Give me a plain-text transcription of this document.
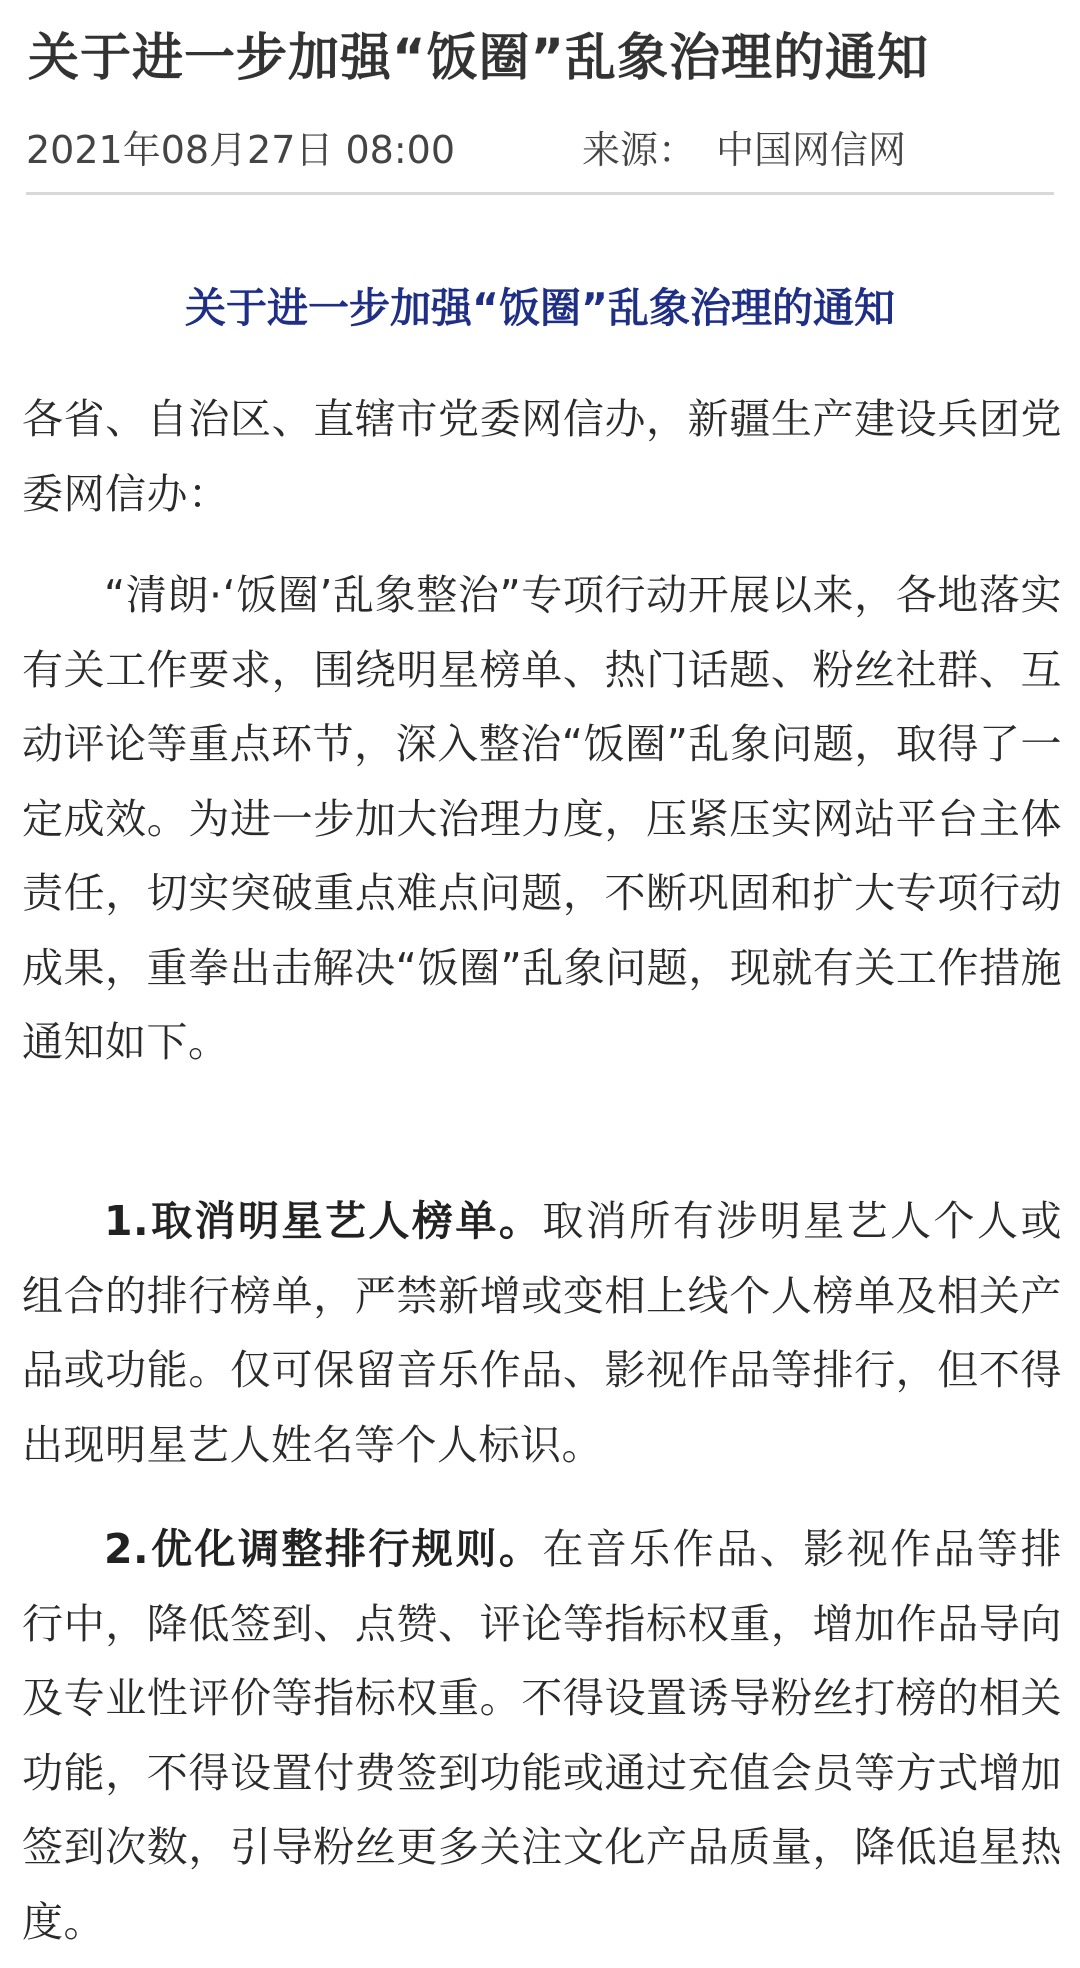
关于进一步加强“饭圈”乱象治理的通知
2021年08月27日 08:00	来源： 中国网信网
关于进一步加强“饭圈”乱象治理的通知

各省、自治区、直辖市党委网信办，新疆生产建设兵团党委网信办：

“清朗·‘饭圈’乱象整治”专项行动开展以来，各地落实有关工作要求，围绕明星榜单、热门话题、粉丝社群、互动评论等重点环节，深入整治“饭圈”乱象问题，取得了一定成效。为进一步加大治理力度，压紧压实网站平台主体责任，切实突破重点难点问题，不断巩固和扩大专项行动成果，重拳出击解决“饭圈”乱象问题，现就有关工作措施通知如下。

1.取消明星艺人榜单。取消所有涉明星艺人个人或组合的排行榜单，严禁新增或变相上线个人榜单及相关产品或功能。仅可保留音乐作品、影视作品等排行，但不得出现明星艺人姓名等个人标识。

2.优化调整排行规则。在音乐作品、影视作品等排行中，降低签到、点赞、评论等指标权重，增加作品导向及专业性评价等指标权重。不得设置诱导粉丝打榜的相关功能，不得设置付费签到功能或通过充值会员等方式增加签到次数，引导粉丝更多关注文化产品质量，降低追星热度。
